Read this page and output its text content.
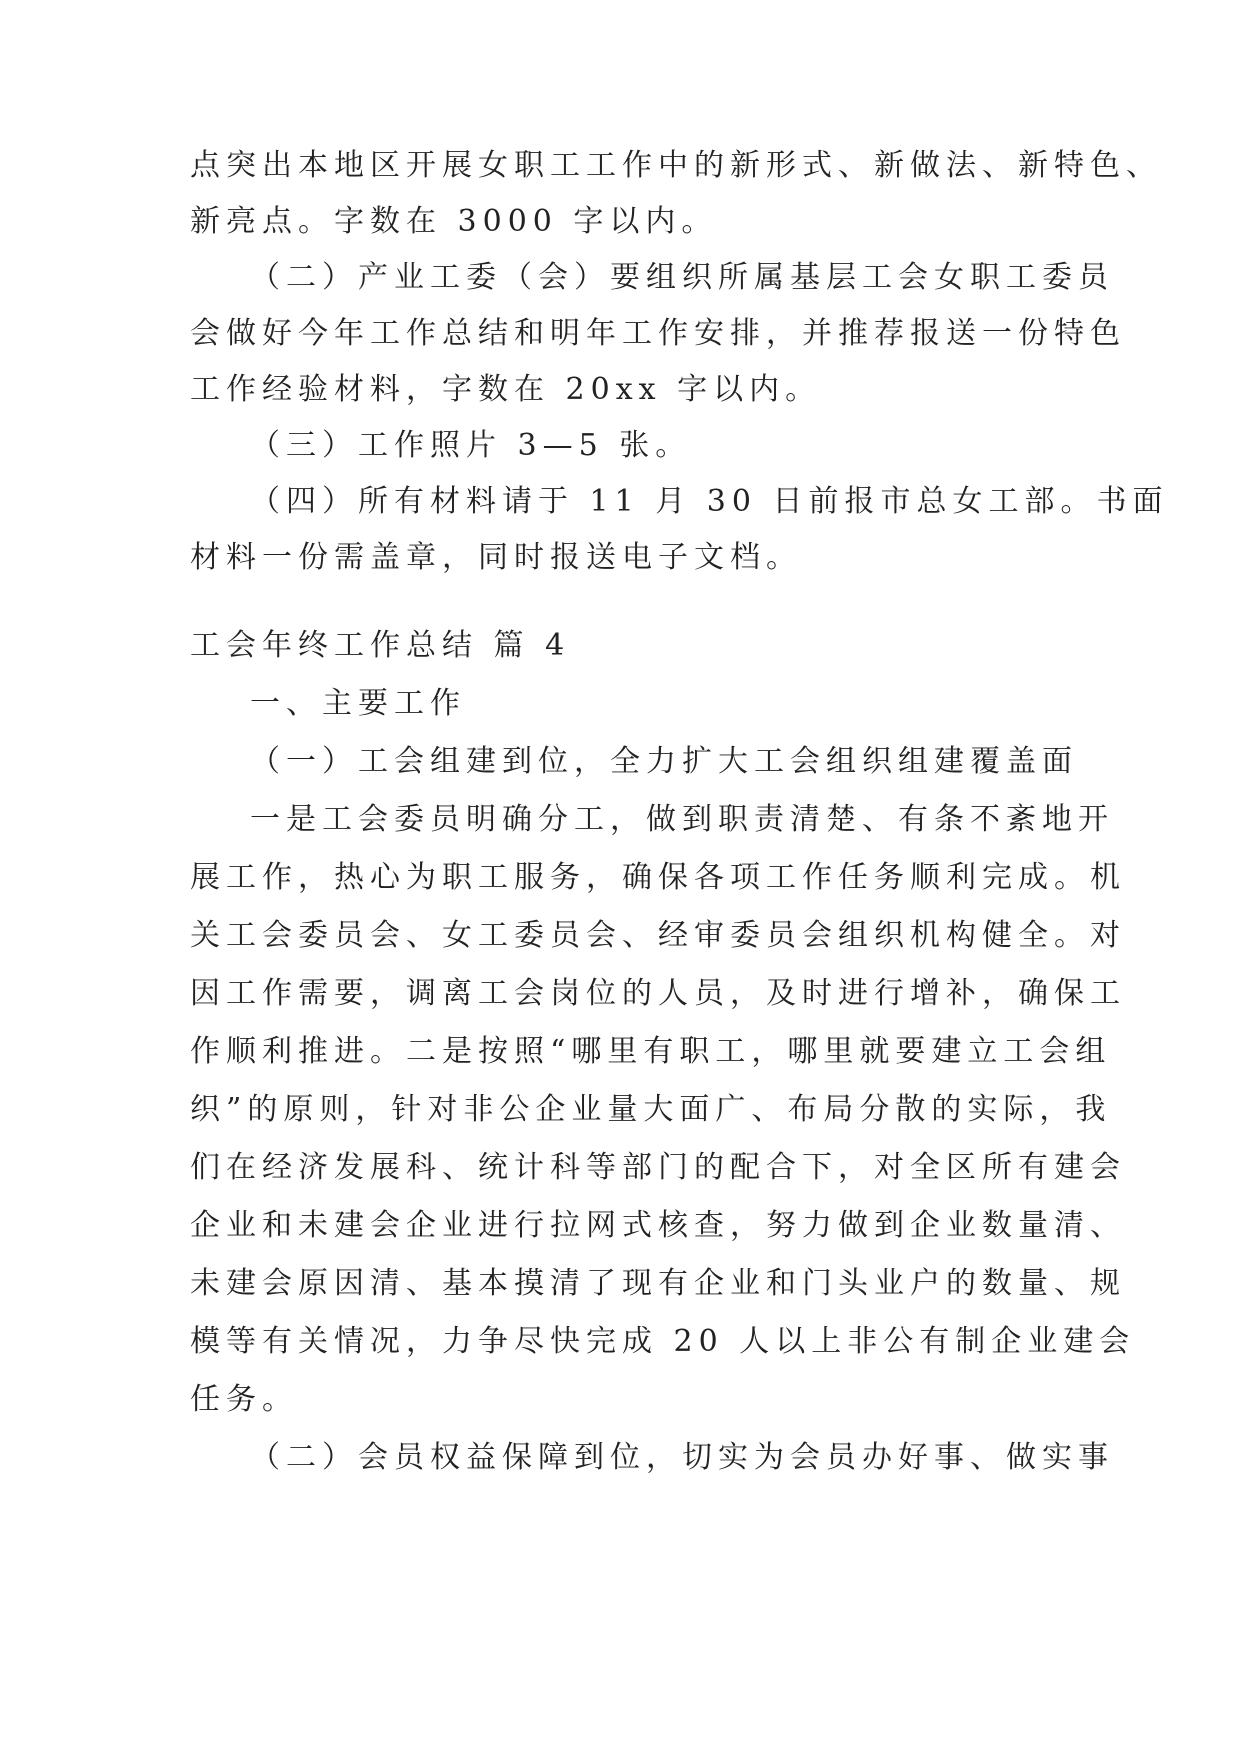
点突出本地区开展女职工工作中的新形式、新做法、新特色、
新亮点。字数在 3000 字以内。
（二）产业工委（会）要组织所属基层工会女职工委员
会做好今年工作总结和明年工作安排，并推荐报送一份特色
工作经验材料，字数在 20xx 字以内。
（三）工作照片 3—5 张。
（四）所有材料请于 11 月 30 日前报市总女工部。书面
材料一份需盖章，同时报送电子文档。
工会年终工作总结 篇 4
一、主要工作
（一）工会组建到位，全力扩大工会组织组建覆盖面
一是工会委员明确分工，做到职责清楚、有条不紊地开
展工作，热心为职工服务，确保各项工作任务顺利完成。机
关工会委员会、女工委员会、经审委员会组织机构健全。对
因工作需要，调离工会岗位的人员，及时进行增补，确保工
作顺利推进。二是按照“哪里有职工，哪里就要建立工会组
织”的原则，针对非公企业量大面广、布局分散的实际，我
们在经济发展科、统计科等部门的配合下，对全区所有建会
企业和未建会企业进行拉网式核查，努力做到企业数量清、
未建会原因清、基本摸清了现有企业和门头业户的数量、规
模等有关情况，力争尽快完成 20 人以上非公有制企业建会
任务。
（二）会员权益保障到位，切实为会员办好事、做实事
